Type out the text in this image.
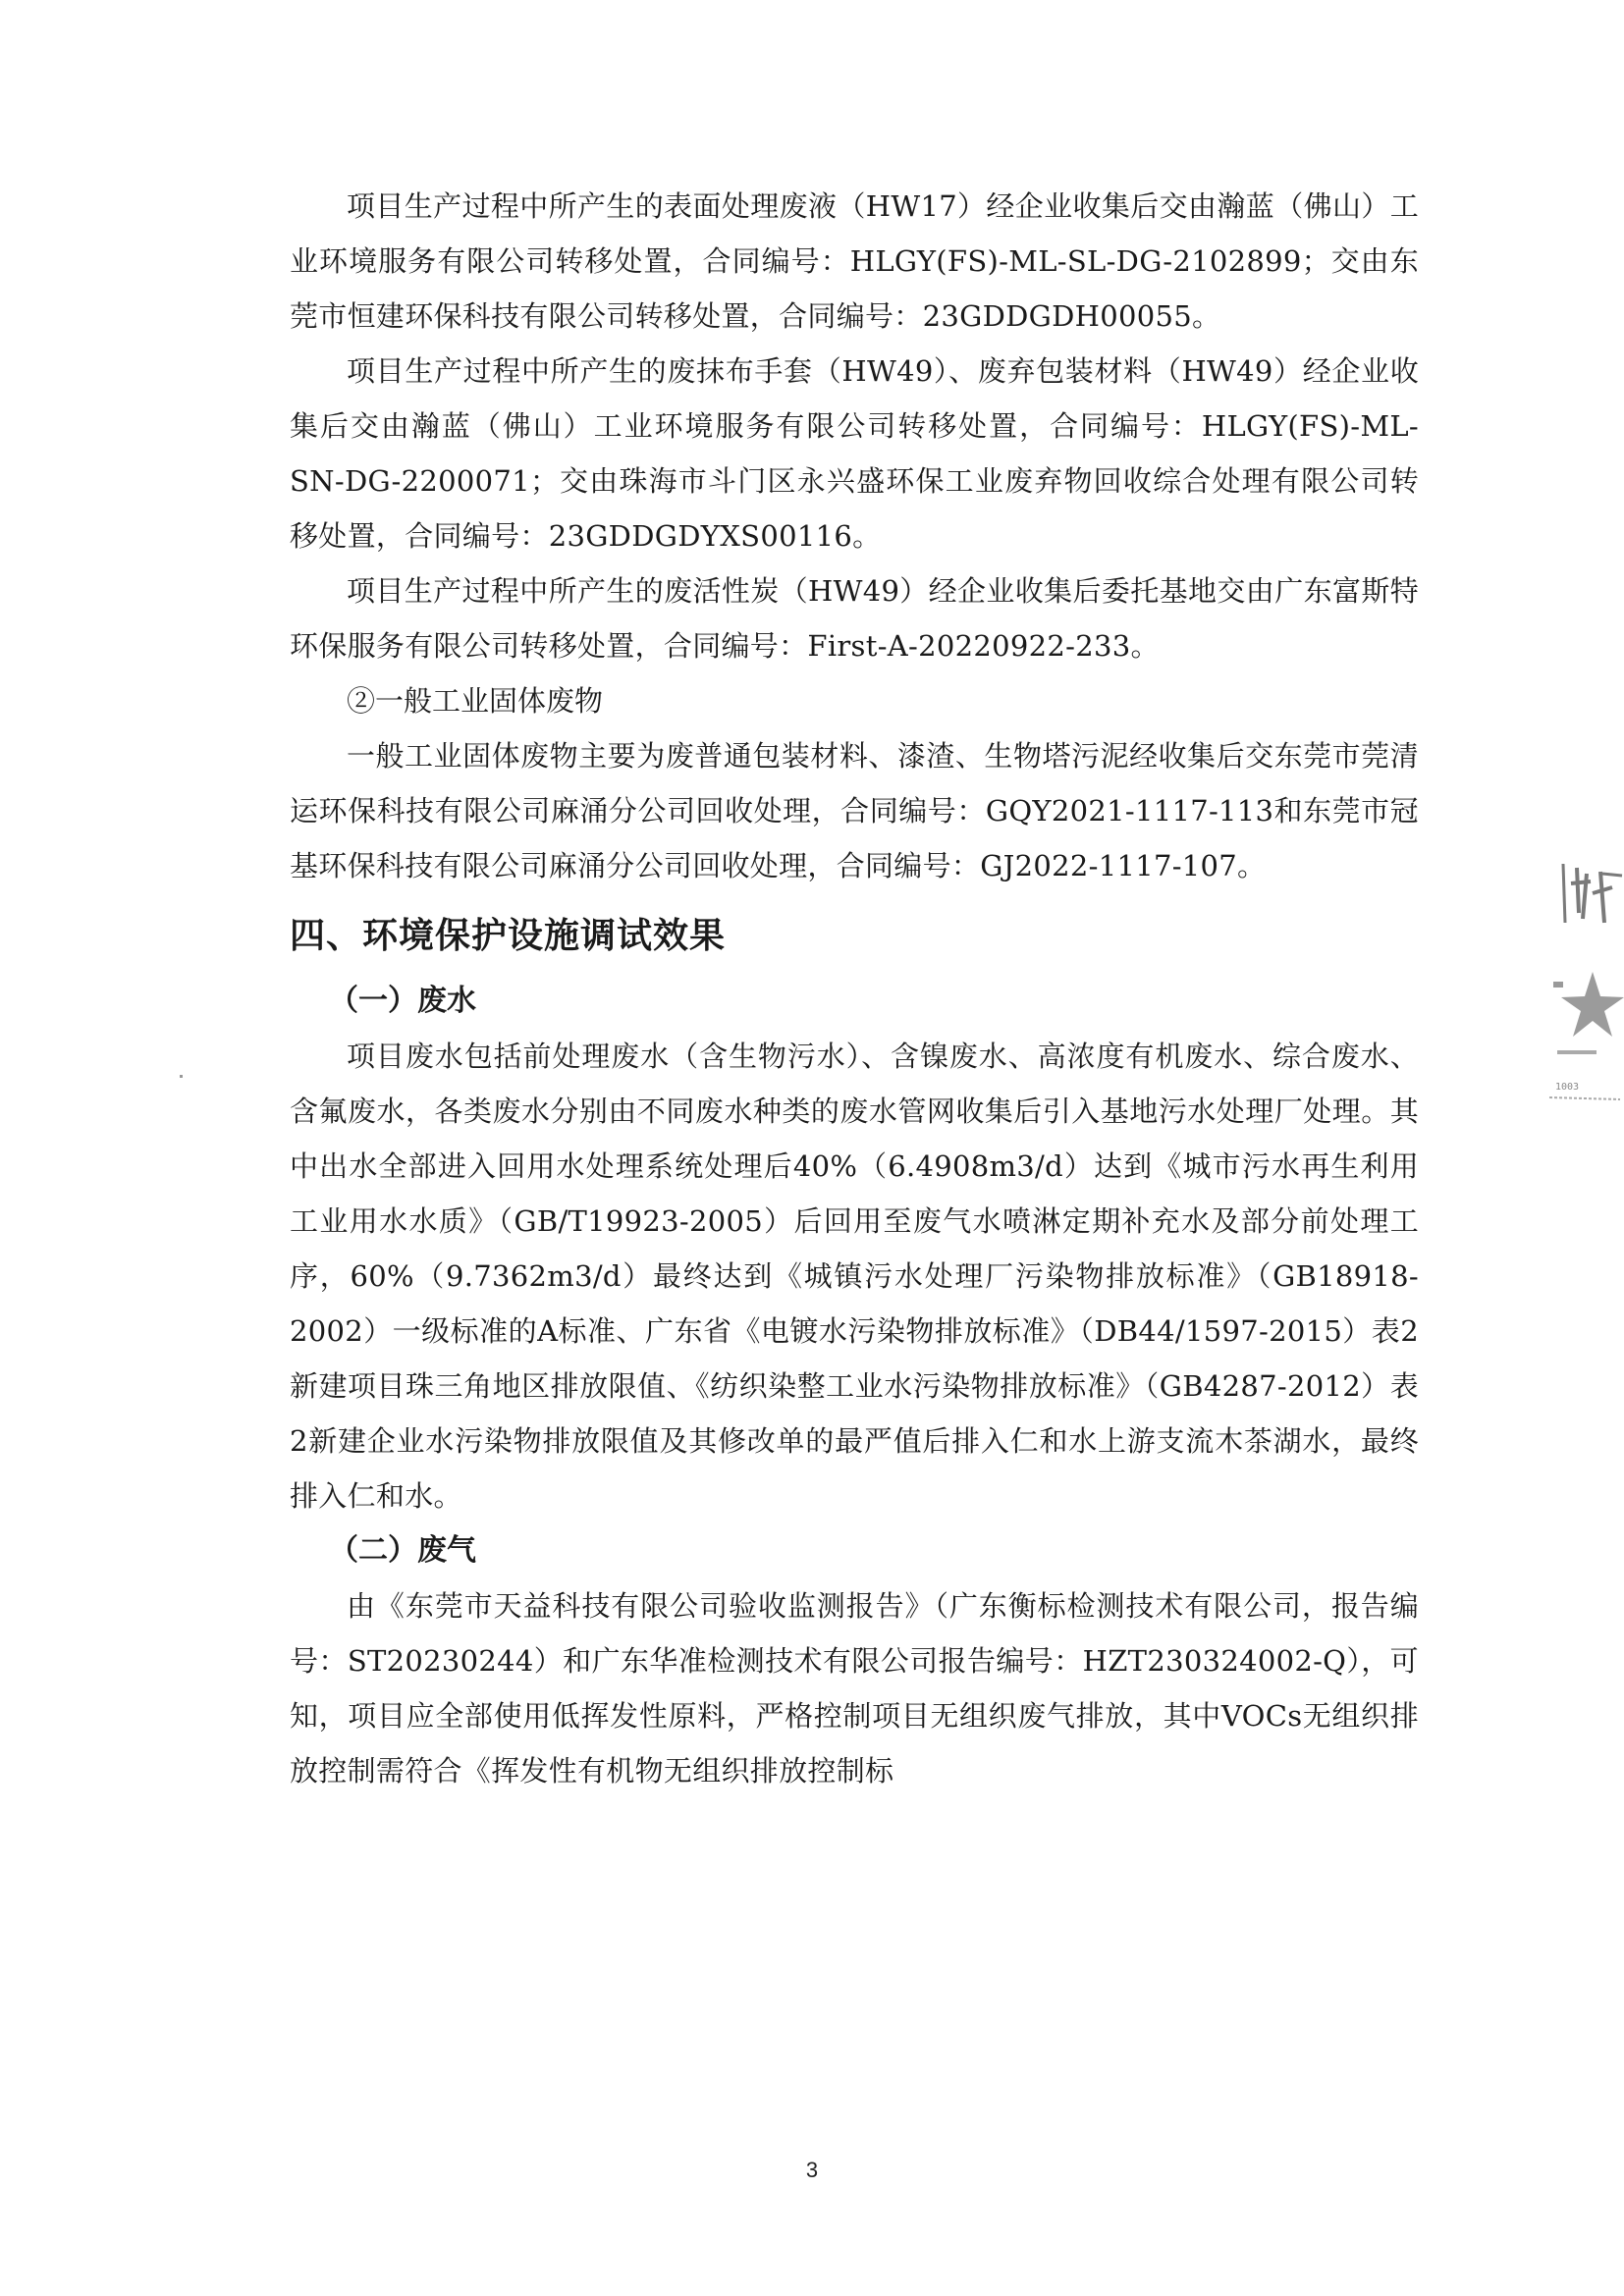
项目生产过程中所产生的表面处理废液（HW17）经企业收集后交由瀚蓝（佛山）工业环境服务有限公司转移处置，合同编号：HLGY(FS)-ML-SL-DG-2102899；交由东莞市恒建环保科技有限公司转移处置，合同编号：23GDDGDH00055。

项目生产过程中所产生的废抹布手套（HW49）、废弃包装材料（HW49）经企业收集后交由瀚蓝（佛山）工业环境服务有限公司转移处置，合同编号：HLGY(FS)-ML-SN-DG-2200071；交由珠海市斗门区永兴盛环保工业废弃物回收综合处理有限公司转移处置，合同编号：23GDDGDYXS00116。

项目生产过程中所产生的废活性炭（HW49）经企业收集后委托基地交由广东富斯特环保服务有限公司转移处置，合同编号：First-A-20220922-233。

②一般工业固体废物

一般工业固体废物主要为废普通包装材料、漆渣、生物塔污泥经收集后交东莞市莞清运环保科技有限公司麻涌分公司回收处理，合同编号：GQY2021-1117-113和东莞市冠基环保科技有限公司麻涌分公司回收处理，合同编号：GJ2022-1117-107。

四、环境保护设施调试效果
（一）废水

项目废水包括前处理废水（含生物污水）、含镍废水、高浓度有机废水、综合废水、含氟废水，各类废水分别由不同废水种类的废水管网收集后引入基地污水处理厂处理。其中出水全部进入回用水处理系统处理后40%（6.4908m3/d）达到《城市污水再生利用工业用水水质》（GB/T19923-2005）后回用至废气水喷淋定期补充水及部分前处理工序，60%（9.7362m3/d）最终达到《城镇污水处理厂污染物排放标准》（GB18918-2002）一级标准的A标准、广东省《电镀水污染物排放标准》（DB44/1597-2015）表2新建项目珠三角地区排放限值、《纺织染整工业水污染物排放标准》（GB4287-2012）表2新建企业水污染物排放限值及其修改单的最严值后排入仁和水上游支流木茶湖水，最终排入仁和水。

（二）废气

由《东莞市天益科技有限公司验收监测报告》（广东衡标检测技术有限公司，报告编号：ST20230244）和广东华准检测技术有限公司报告编号：HZT230324002-Q），可知，项目应全部使用低挥发性原料，严格控制项目无组织废气排放，其中VOCs无组织排放控制需符合《挥发性有机物无组织排放控制标

1003
3
